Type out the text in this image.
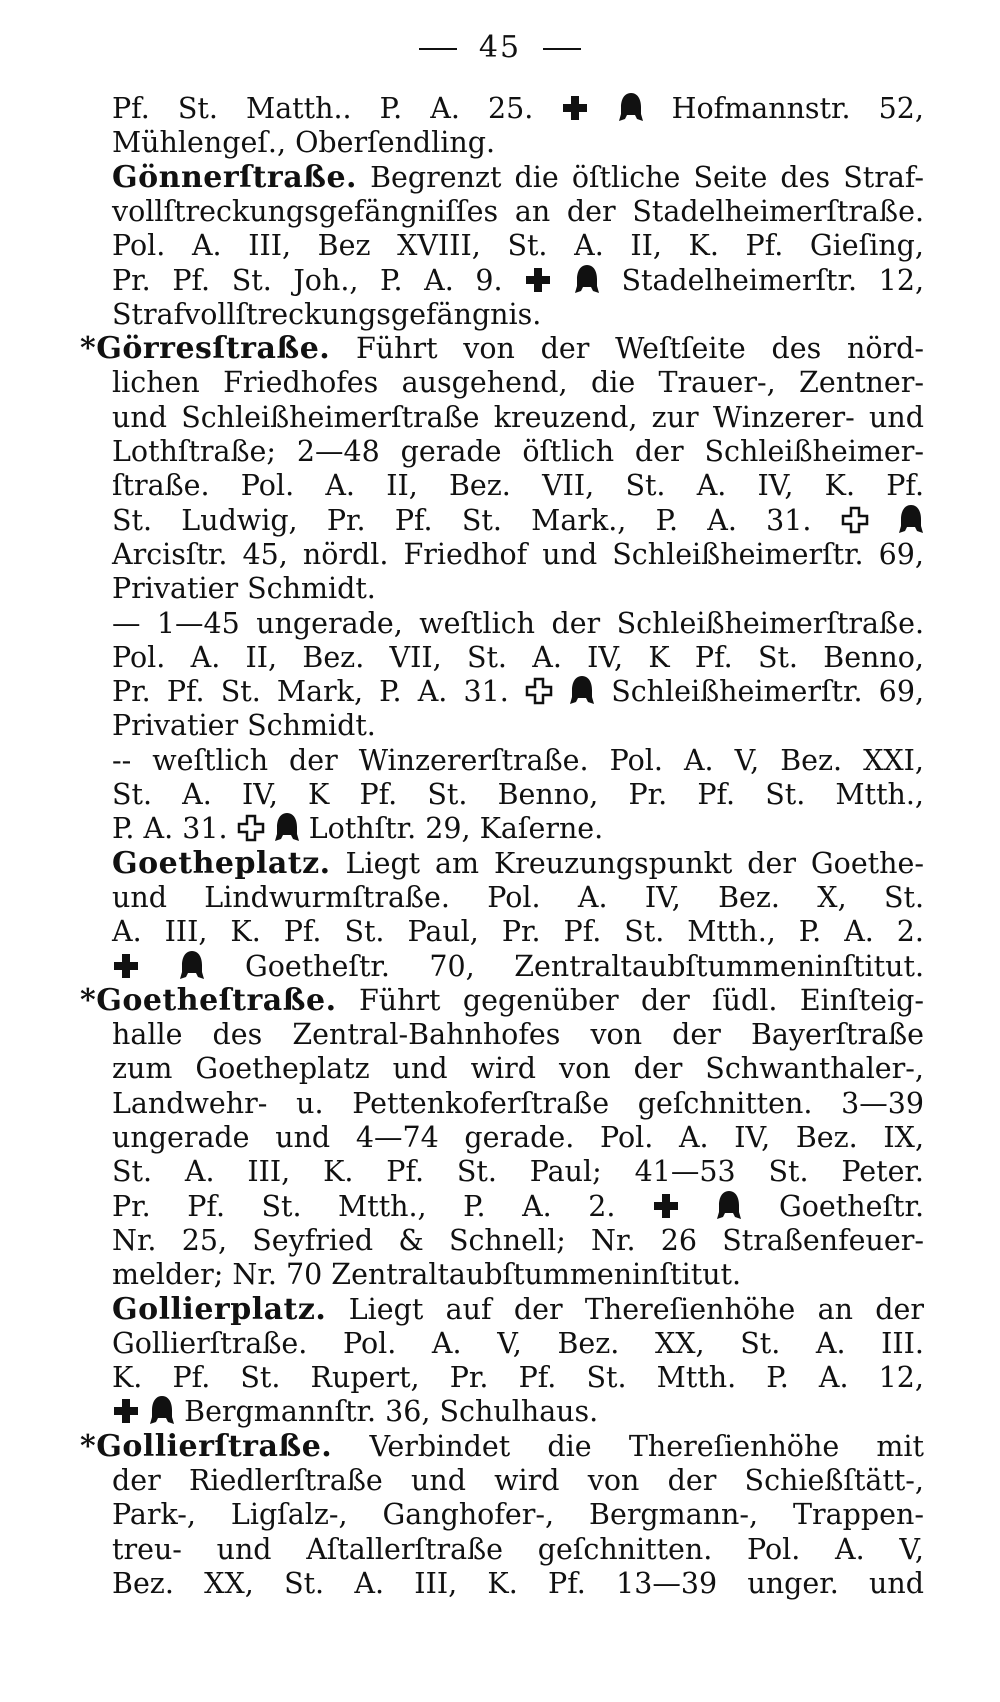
45
Pf. St. Matth.. P. A. 25.
	Hofmannstr. 52,
Mühlengeſ., Oberſendling.
Gönnerſtraße. Begrenzt die öſtliche Seite des Straf-
vollſtreckungsgefängniſſes an der Stadelheimerſtraße.
Pol. A. III, Bez XVIII, St. A. II, K. Pf. Gieſing,
Pr. Pf. St. Joh., P. A. 9.
	Stadelheimerſtr. 12,
Strafvollſtreckungsgefängnis.
*Görresſtraße. Führt von der Weſtſeite des nörd-
lichen Friedhofes ausgehend, die Trauer-, Zentner-
und Schleißheimerſtraße kreuzend, zur Winzerer- und
Lothſtraße; 2—48 gerade öſtlich der Schleißheimer-
ſtraße. Pol. A. II, Bez. VII, St. A. IV, K. Pf.
St. Ludwig, Pr. Pf. St. Mark., P. A. 31.

Arcisſtr. 45, nördl. Friedhof und Schleißheimerſtr. 69,
Privatier Schmidt.
— 1—45 ungerade, weſtlich der Schleißheimerſtraße.
Pol. A. II, Bez. VII, St. A. IV, K Pf. St. Benno,
Pr. Pf. St. Mark, P. A. 31.
	Schleißheimerſtr. 69,
Privatier Schmidt.
-- weſtlich der Winzererſtraße. Pol. A. V, Bez. XXI,
St. A. IV, K Pf. St. Benno, Pr. Pf. St. Mtth.,
P. A. 31.
	Lothſtr. 29, Kaſerne.
Goetheplatz. Liegt am Kreuzungspunkt der Goethe-
und Lindwurmſtraße. Pol. A. IV, Bez. X, St.
A. III, K. Pf. St. Paul, Pr. Pf. St. Mtth., P. A. 2.

Goetheſtr. 70, Zentraltaubſtummeninſtitut.
*Goetheſtraße. Führt gegenüber der ſüdl. Einſteig-
halle des Zentral-Bahnhofes von der Bayerſtraße
zum Goetheplatz und wird von der Schwanthaler-,
Landwehr- u. Pettenkoferſtraße geſchnitten. 3—39
ungerade und 4—74 gerade. Pol. A. IV, Bez. IX,
St. A. III, K. Pf. St. Paul; 41—53 St. Peter.
Pr. Pf. St. Mtth., P. A. 2.
	Goetheſtr.
Nr. 25, Seyfried & Schnell; Nr. 26 Straßenfeuer-
melder; Nr. 70 Zentraltaubſtummeninſtitut.
Gollierplatz. Liegt auf der Thereſienhöhe an der
Gollierſtraße. Pol. A. V, Bez. XX, St. A. III.
K. Pf. St. Rupert, Pr. Pf. St. Mtth. P. A. 12,

Bergmannſtr. 36, Schulhaus.
*Gollierſtraße. Verbindet die Thereſienhöhe mit
der Riedlerſtraße und wird von der Schießſtätt-,
Park-, Ligſalz-, Ganghofer-, Bergmann-, Trappen-
treu- und Aſtallerſtraße geſchnitten. Pol. A. V,
Bez. XX, St. A. III, K. Pf. 13—39 unger. und
